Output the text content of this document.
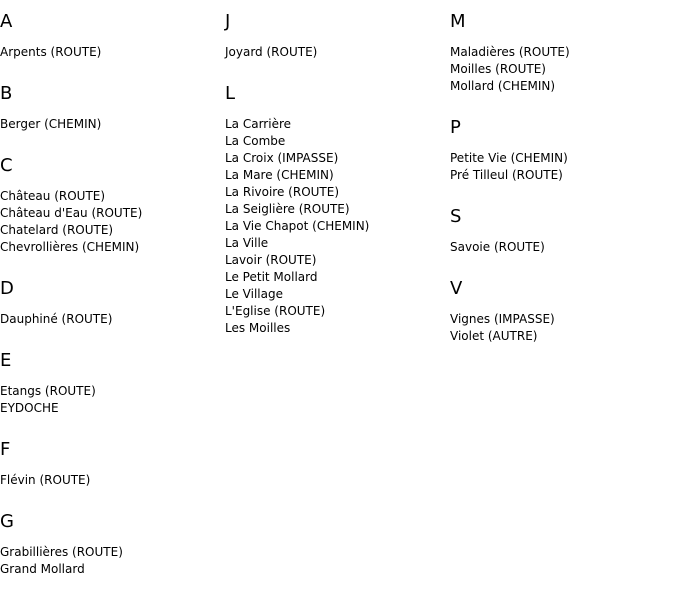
A
Arpents (ROUTE)
B
Berger (CHEMIN)
C
Château (ROUTE)
Château d'Eau (ROUTE)
Chatelard (ROUTE)
Chevrollières (CHEMIN)
D
Dauphiné (ROUTE)
E
Etangs (ROUTE)
EYDOCHE
F
Flévin (ROUTE)
G
Grabillières (ROUTE)
Grand Mollard
J
Joyard (ROUTE)
L
La Carrière
La Combe
La Croix (IMPASSE)
La Mare (CHEMIN)
La Rivoire (ROUTE)
La Seiglière (ROUTE)
La Vie Chapot (CHEMIN)
La Ville
Lavoir (ROUTE)
Le Petit Mollard
Le Village
L'Eglise (ROUTE)
Les Moilles
M
Maladières (ROUTE)
Moilles (ROUTE)
Mollard (CHEMIN)
P
Petite Vie (CHEMIN)
Pré Tilleul (ROUTE)
S
Savoie (ROUTE)
V
Vignes (IMPASSE)
Violet (AUTRE)
